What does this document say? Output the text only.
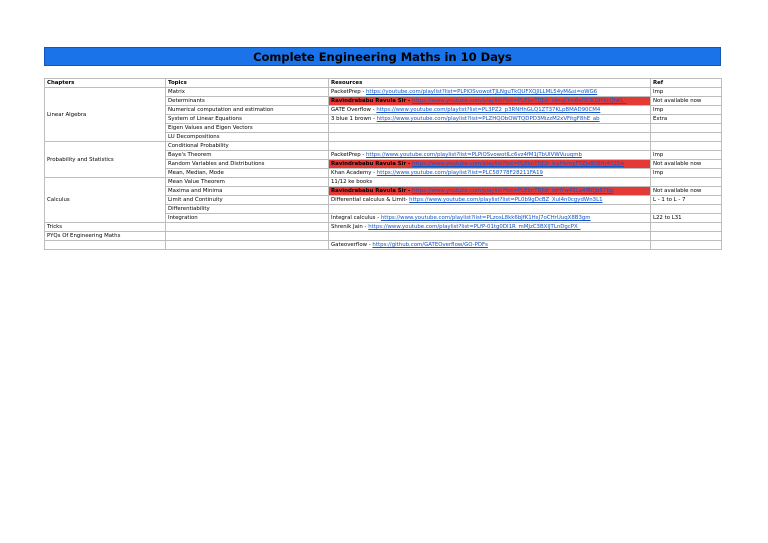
Complete Engineering Maths in 10 Days
Chapters	Topics	Resources	Ref
Linear Algebra	Matrix	PacketPrep - https://youtube.com/playlist?list=PLPiOSvowotTJLNguTkQUFXQJILLML54yM&si=oWG6	Imp
	Determinants	Ravindrababu Ravula Sir - https://www.youtube.com/playlist?list=PLEbnTDJUr_IdnqCIrh6vOCIKGHXcQhKL_	Not available now
	Numerical computation and estimation	GATE Overflow - https://www.youtube.com/playlist?list=PL3PZ2_p3RNHhGLQ1ZT37KLpBMAD90CM4	Imp
	System of Linear Equations	3 blue 1 brown - https://www.youtube.com/playlist?list=PLZHQObOWTQDPD3MizzM2xVFitgF8hE_ab	Extra
	Eigen Values and Eigen Vectors		
	LU Decompositions		
Probability and Statistics	Conditional Probability		
	Baye's Theorem	PacketPrep - https://www.youtube.com/playlist?list=PLPiOSvowotILc6vz4fM1jTbUIVWVuuqmb	Imp
	Random Variables and Distributions	Ravindrababu Ravula Sir - https://www.youtube.com/playlist?list=PLEbnTDJUr_IcyHvmyFTZJvBiSIHr4Y2SA	Not available now
	Mean, Median, Mode	Khan Academy - https://www.youtube.com/playlist?list=PLC58778F28211FA19	Imp
Calculus	Mean Value Theorem	11/12 ke books	
	Maxima and Minima	Ravindrababu Ravula Sir - https://www.youtube.com/playlist?list=PLEbnTDJUr_IeHYw4SLa4fB0jbR7Kp	Not available now
	Limit and Continuity	Differential calculus & Limit- https://www.youtube.com/playlist?list=PL0b9gDcBZ_XuI4n0cgydWn3L1	L - 1 to L - 7
	Differentiability		
	Integration	Integral calculus - https://www.youtube.com/playlist?list=PLzosL8kk6bJfK1HsJ7oCHrUuqX8B3gm	L22 to L31
Tricks		Shrenik Jain - https://www.youtube.com/playlist?list=PLfP-01tg0DI1R_mMJzC3BXIJTLnDgcPX_	
PYQs Of Engineering Maths			
		Gateoverflow - https://github.com/GATEOverflow/GO-PDFs	
